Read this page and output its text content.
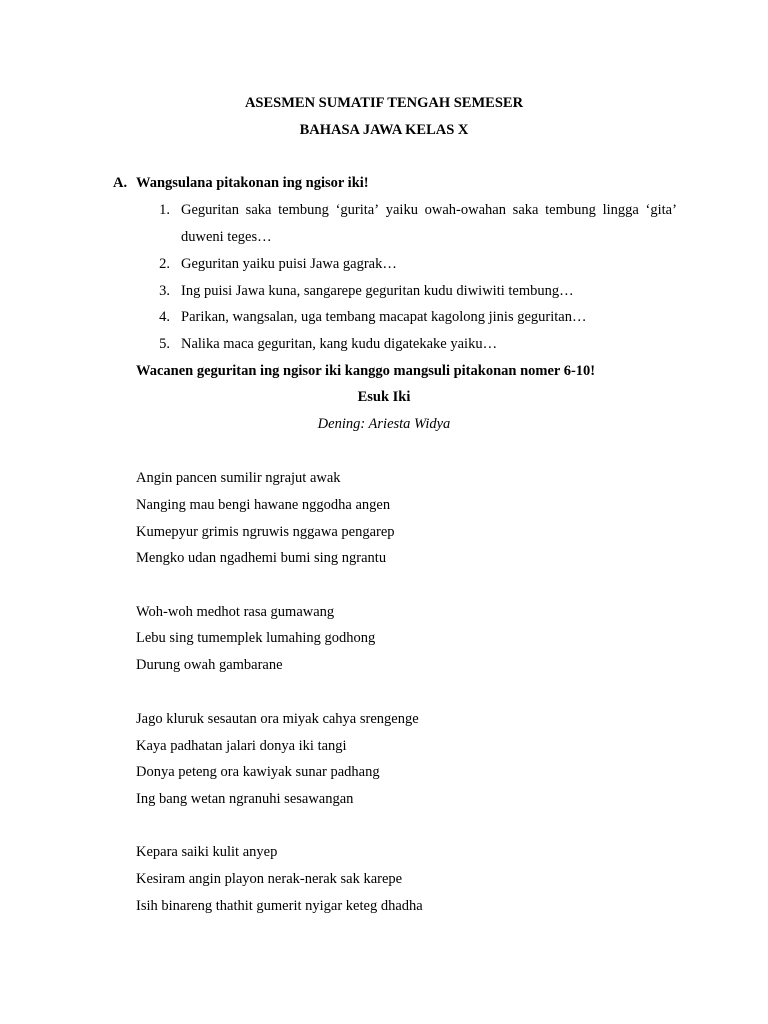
ASESMEN SUMATIF TENGAH SEMESER
BAHASA JAWA KELAS X
A. Wangsulana pitakonan ing ngisor iki!
1. Geguritan saka tembung ‘gurita’ yaiku owah-owahan saka tembung lingga ‘gita’
duweni teges…
2. Geguritan yaiku puisi Jawa gagrak…
3. Ing puisi Jawa kuna, sangarepe geguritan kudu diwiwiti tembung…
4. Parikan, wangsalan, uga tembang macapat kagolong jinis geguritan…
5. Nalika maca geguritan, kang kudu digatekake yaiku…
Wacanen geguritan ing ngisor iki kanggo mangsuli pitakonan nomer 6-10!
Esuk Iki
Dening: Ariesta Widya
Angin pancen sumilir ngrajut awak
Nanging mau bengi hawane nggodha angen
Kumepyur grimis ngruwis nggawa pengarep
Mengko udan ngadhemi bumi sing ngrantu
Woh-woh medhot rasa gumawang
Lebu sing tumemplek lumahing godhong
Durung owah gambarane
Jago kluruk sesautan ora miyak cahya srengenge
Kaya padhatan jalari donya iki tangi
Donya peteng ora kawiyak sunar padhang
Ing bang wetan ngranuhi sesawangan
Kepara saiki kulit anyep
Kesiram angin playon nerak-nerak sak karepe
Isih binareng thathit gumerit nyigar keteg dhadha
